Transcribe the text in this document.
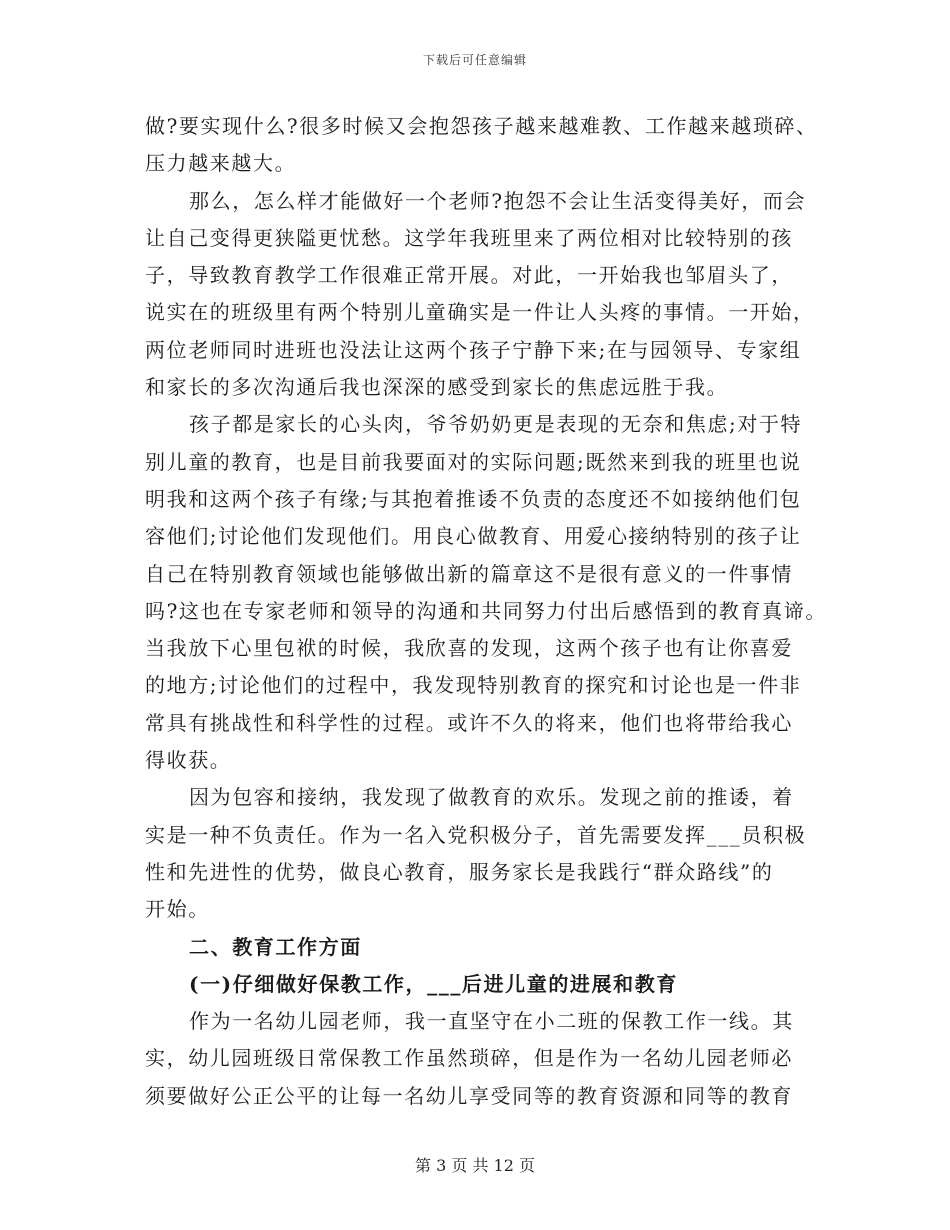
下载后可任意编辑
做?要实现什么?很多时候又会抱怨孩子越来越难教、工作越来越琐碎、
压力越来越大。
那么，怎么样才能做好一个老师?抱怨不会让生活变得美好，而会
让自己变得更狭隘更忧愁。这学年我班里来了两位相对比较特别的孩
子，导致教育教学工作很难正常开展。对此，一开始我也邹眉头了，
说实在的班级里有两个特别儿童确实是一件让人头疼的事情。一开始，
两位老师同时进班也没法让这两个孩子宁静下来;在与园领导、专家组
和家长的多次沟通后我也深深的感受到家长的焦虑远胜于我。
孩子都是家长的心头肉，爷爷奶奶更是表现的无奈和焦虑;对于特
别儿童的教育，也是目前我要面对的实际问题;既然来到我的班里也说
明我和这两个孩子有缘;与其抱着推诿不负责的态度还不如接纳他们包
容他们;讨论他们发现他们。用良心做教育、用爱心接纳特别的孩子让
自己在特别教育领域也能够做出新的篇章这不是很有意义的一件事情
吗?这也在专家老师和领导的沟通和共同努力付出后感悟到的教育真谛。
当我放下心里包袱的时候，我欣喜的发现，这两个孩子也有让你喜爱
的地方;讨论他们的过程中，我发现特别教育的探究和讨论也是一件非
常具有挑战性和科学性的过程。或许不久的将来，他们也将带给我心
得收获。
因为包容和接纳，我发现了做教育的欢乐。发现之前的推诿，着
实是一种不负责任。作为一名入党积极分子，首先需要发挥___员积极
性和先进性的优势，做良心教育，服务家长是我践行“群众路线”的
开始。
二、教育工作方面
(一)仔细做好保教工作，___后进儿童的进展和教育
作为一名幼儿园老师，我一直坚守在小二班的保教工作一线。其
实，幼儿园班级日常保教工作虽然琐碎，但是作为一名幼儿园老师必
须要做好公正公平的让每一名幼儿享受同等的教育资源和同等的教育
第 3 页 共 12 页
